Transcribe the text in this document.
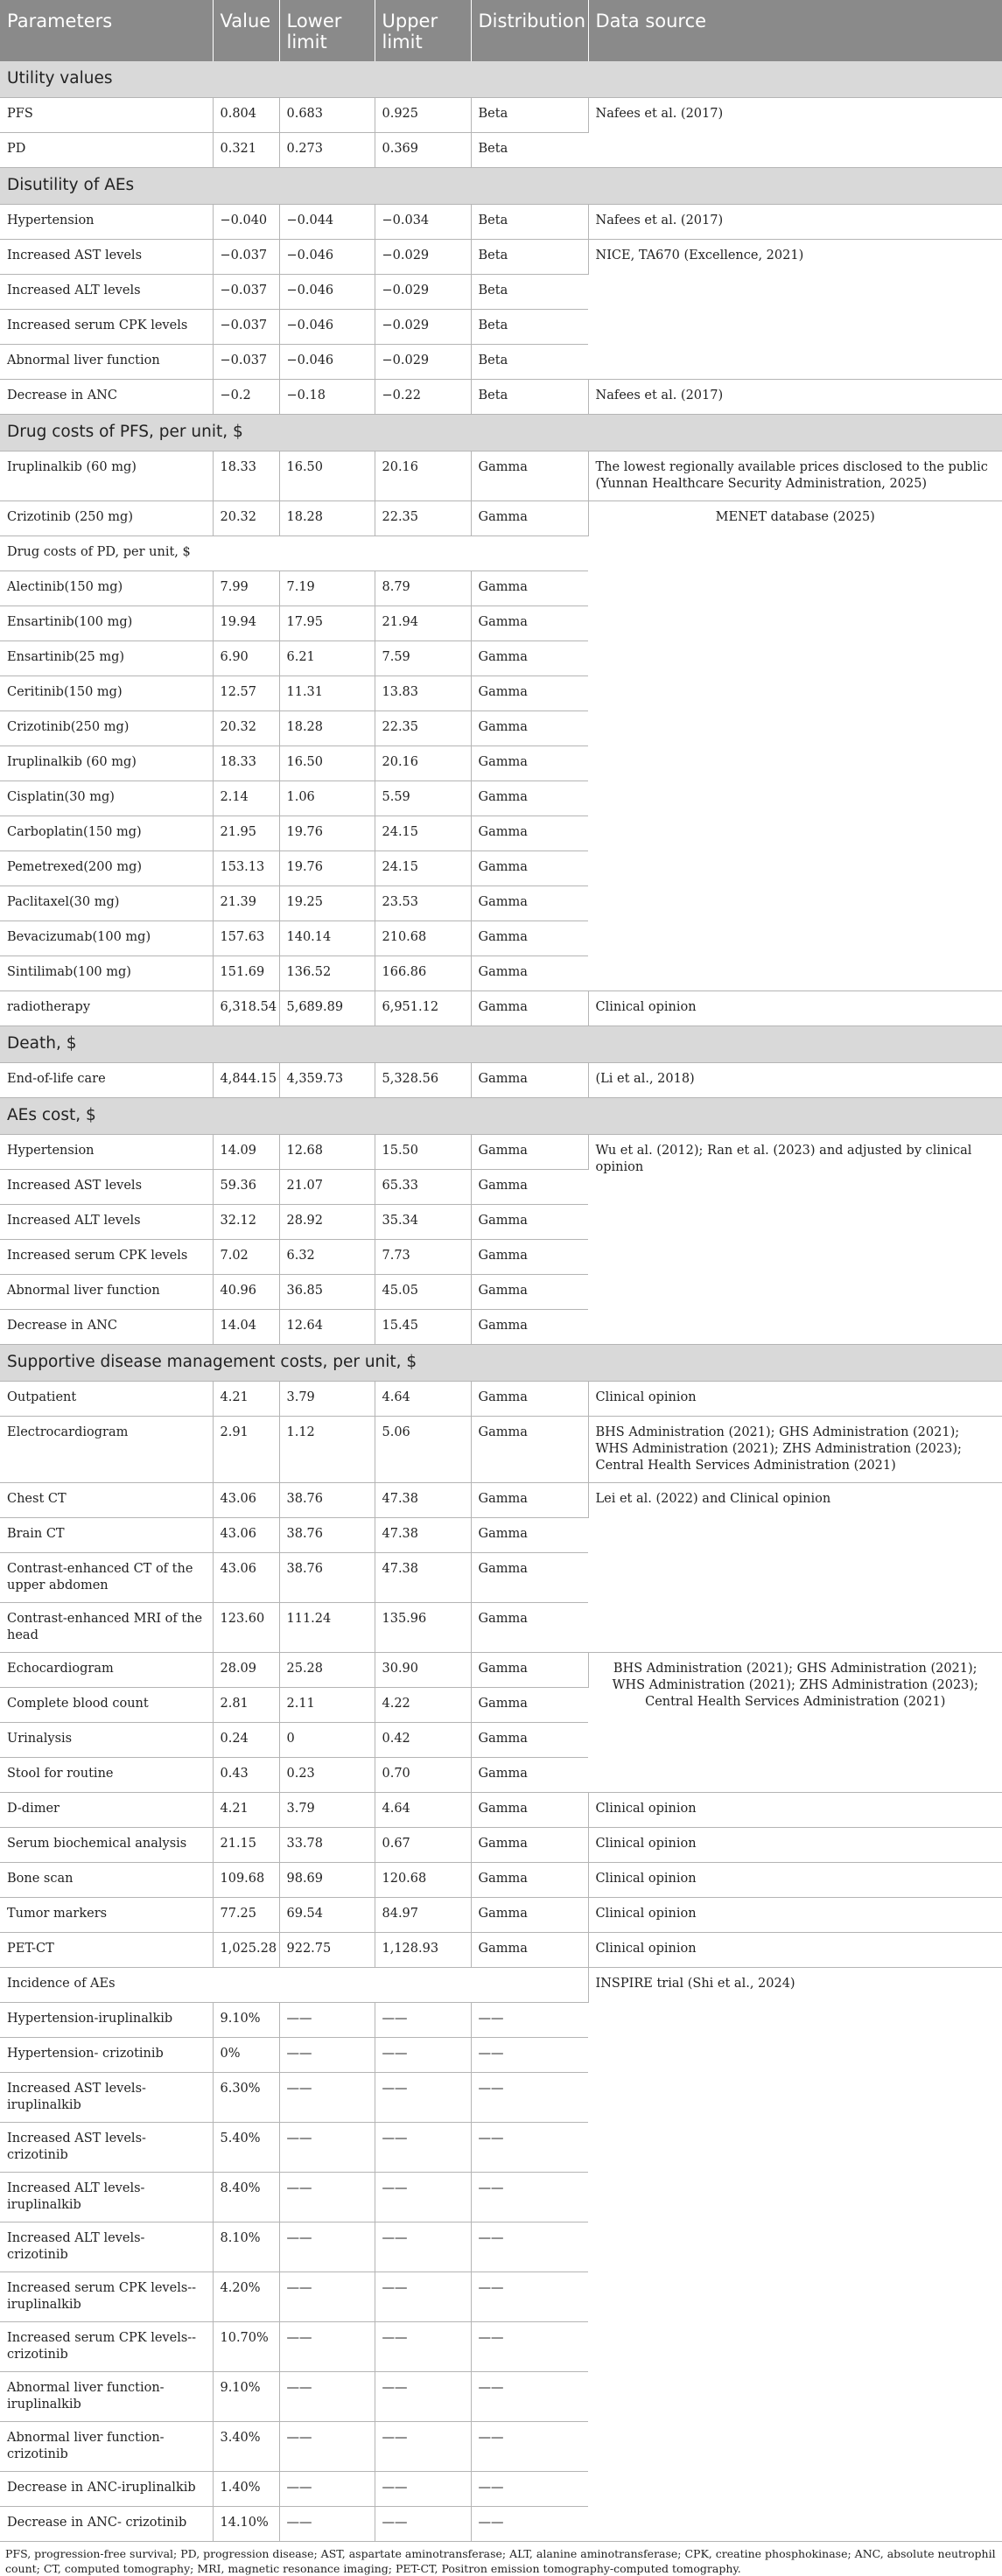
Parameters	Value	Lower limit	Upper limit	Distribution	Data source
Utility values					
PFS	0.804	0.683	0.925	Beta	Nafees et al. (2017)
PD	0.321	0.273	0.369	Beta	
Disutility of AEs					
Hypertension	−0.040	−0.044	−0.034	Beta	Nafees et al. (2017)
Increased AST levels	−0.037	−0.046	−0.029	Beta	NICE, TA670 (Excellence, 2021)
Increased ALT levels	−0.037	−0.046	−0.029	Beta	
Increased serum CPK levels	−0.037	−0.046	−0.029	Beta	
Abnormal liver function	−0.037	−0.046	−0.029	Beta	
Decrease in ANC	−0.2	−0.18	−0.22	Beta	Nafees et al. (2017)
Drug costs of PFS, per unit, $					
Iruplinalkib (60 mg)	18.33	16.50	20.16	Gamma	The lowest regionally available prices disclosed to the public (Yunnan Healthcare Security Administration, 2025)
Crizotinib (250 mg)	20.32	18.28	22.35	Gamma	MENET database (2025)
Drug costs of PD, per unit, $					
Alectinib(150 mg)	7.99	7.19	8.79	Gamma	
Ensartinib(100 mg)	19.94	17.95	21.94	Gamma	
Ensartinib(25 mg)	6.90	6.21	7.59	Gamma	
Ceritinib(150 mg)	12.57	11.31	13.83	Gamma	
Crizotinib(250 mg)	20.32	18.28	22.35	Gamma	
Iruplinalkib (60 mg)	18.33	16.50	20.16	Gamma	
Cisplatin(30 mg)	2.14	1.06	5.59	Gamma	
Carboplatin(150 mg)	21.95	19.76	24.15	Gamma	
Pemetrexed(200 mg)	153.13	19.76	24.15	Gamma	
Paclitaxel(30 mg)	21.39	19.25	23.53	Gamma	
Bevacizumab(100 mg)	157.63	140.14	210.68	Gamma	
Sintilimab(100 mg)	151.69	136.52	166.86	Gamma	
radiotherapy	6,318.54	5,689.89	6,951.12	Gamma	Clinical opinion
Death, $					
End-of-life care	4,844.15	4,359.73	5,328.56	Gamma	(Li et al., 2018)
AEs cost, $					
Hypertension	14.09	12.68	15.50	Gamma	Wu et al. (2012); Ran et al. (2023) and adjusted by clinical opinion
Increased AST levels	59.36	21.07	65.33	Gamma	
Increased ALT levels	32.12	28.92	35.34	Gamma	
Increased serum CPK levels	7.02	6.32	7.73	Gamma	
Abnormal liver function	40.96	36.85	45.05	Gamma	
Decrease in ANC	14.04	12.64	15.45	Gamma	
Supportive disease management costs, per unit, $					
Outpatient	4.21	3.79	4.64	Gamma	Clinical opinion
Electrocardiogram	2.91	1.12	5.06	Gamma	BHS Administration (2021); GHS Administration (2021); WHS Administration (2021); ZHS Administration (2023); Central Health Services Administration (2021)
Chest CT	43.06	38.76	47.38	Gamma	Lei et al. (2022) and Clinical opinion
Brain CT	43.06	38.76	47.38	Gamma	
Contrast-enhanced CT of the upper abdomen	43.06	38.76	47.38	Gamma	
Contrast-enhanced MRI of the head	123.60	111.24	135.96	Gamma	
Echocardiogram	28.09	25.28	30.90	Gamma	BHS Administration (2021); GHS Administration (2021); WHS Administration (2021); ZHS Administration (2023); Central Health Services Administration (2021)
Complete blood count	2.81	2.11	4.22	Gamma	
Urinalysis	0.24	0	0.42	Gamma	
Stool for routine	0.43	0.23	0.70	Gamma	
D-dimer	4.21	3.79	4.64	Gamma	Clinical opinion
Serum biochemical analysis	21.15	33.78	0.67	Gamma	Clinical opinion
Bone scan	109.68	98.69	120.68	Gamma	Clinical opinion
Tumor markers	77.25	69.54	84.97	Gamma	Clinical opinion
PET-CT	1,025.28	922.75	1,128.93	Gamma	Clinical opinion
Incidence of AEs					INSPIRE trial (Shi et al., 2024)
Hypertension-iruplinalkib	9.10%	——	——	——	
Hypertension- crizotinib	0%	——	——	——	
Increased AST levels-iruplinalkib	6.30%	——	——	——	
Increased AST levels- crizotinib	5.40%	——	——	——	
Increased ALT levels-iruplinalkib	8.40%	——	——	——	
Increased ALT levels- crizotinib	8.10%	——	——	——	
Increased serum CPK levels--iruplinalkib	4.20%	——	——	——	
Increased serum CPK levels--crizotinib	10.70%	——	——	——	
Abnormal liver function-iruplinalkib	9.10%	——	——	——	
Abnormal liver function-crizotinib	3.40%	——	——	——	
Decrease in ANC-iruplinalkib	1.40%	——	——	——	
Decrease in ANC- crizotinib	14.10%	——	——	——	
PFS, progression-free survival; PD, progression disease; AST, aspartate aminotransferase; ALT, alanine aminotransferase; CPK, creatine phosphokinase; ANC, absolute neutrophil count; CT, computed tomography; MRI, magnetic resonance imaging; PET-CT, Positron emission tomography-computed tomography.
